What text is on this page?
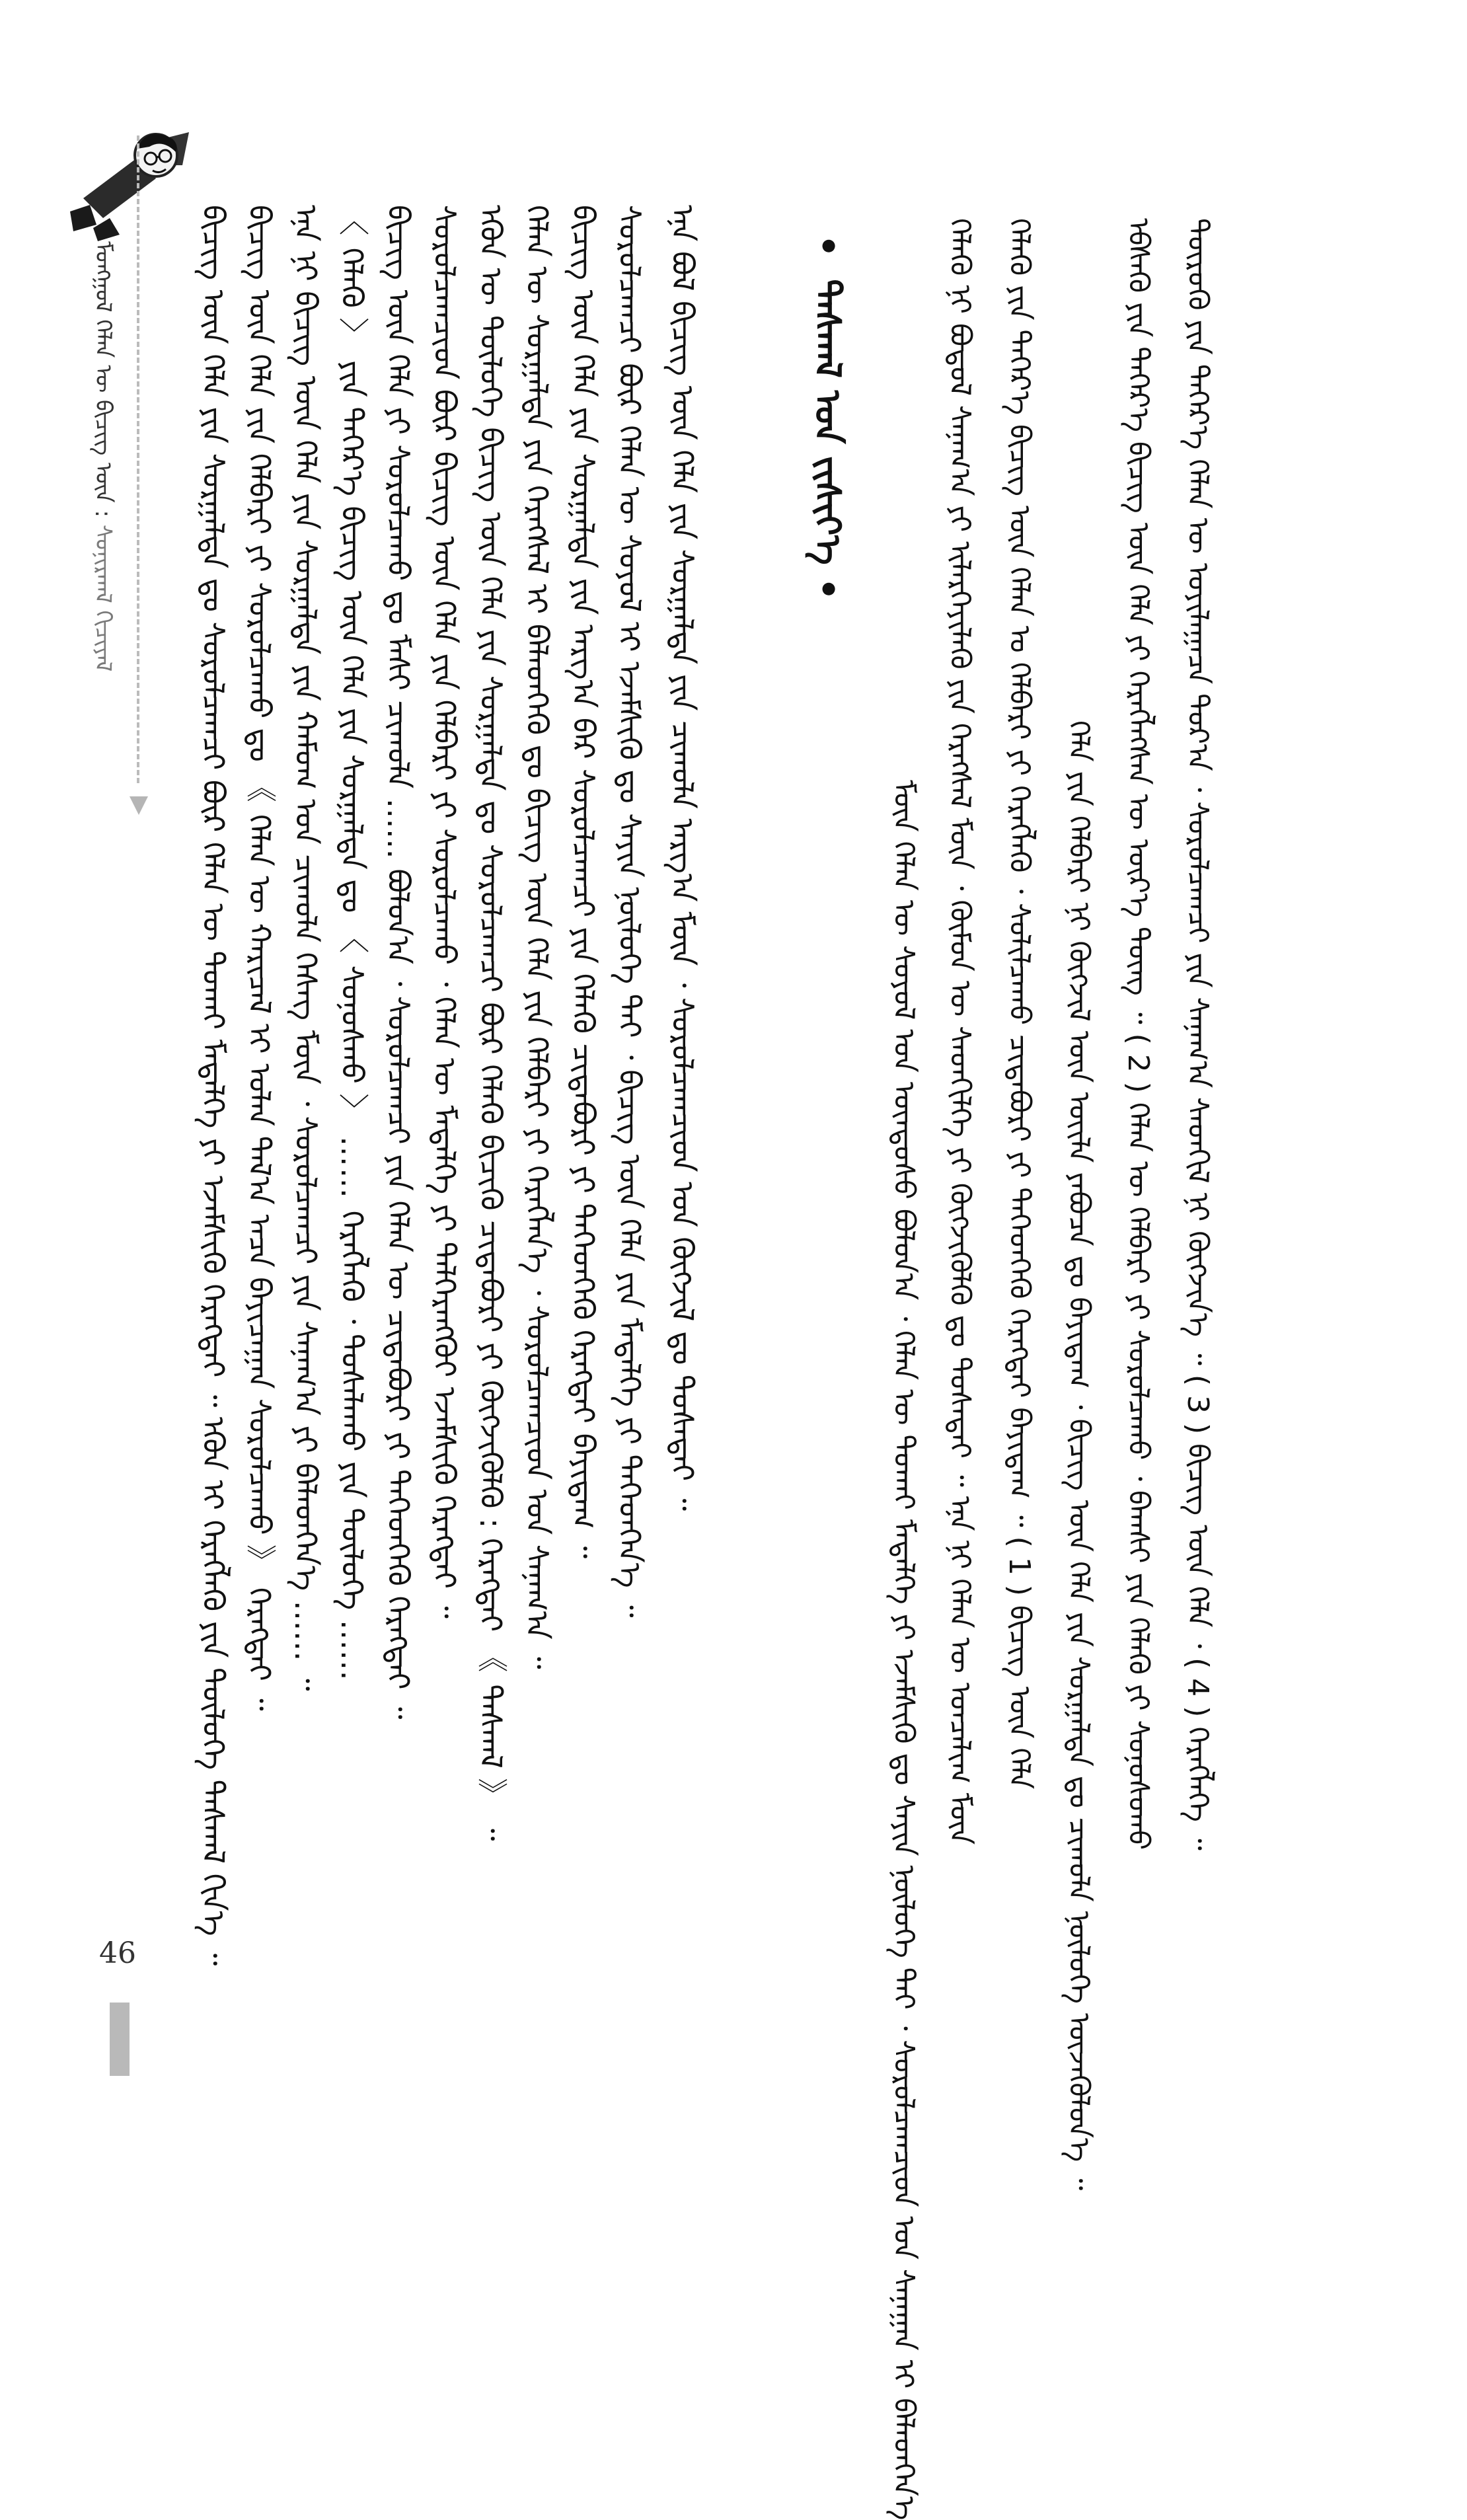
ᠮᠣᠩᠭᠣᠯ ᠬᠡᠯᠡᠨ ᠦ ᠪᠢᠴᠢᠭ ᠦᠨ : ᠰᠣᠨᠢᠷᠬᠠᠯ ᠬᠢᠴᠢᠶᠡᠯ	ᠪᠢᠴᠢᠭ ᠦᠨ ᠬᠡᠯᠡ ᠶᠢᠨ ᠰᠤᠷᠭᠠᠯᠲᠠ ᠳᠤ ᠰᠤᠷᠤᠯᠴᠠᠭᠴᠢ ᠪᠦᠷ ᠬᠡᠯᠡᠨ ᠦ ᠲᠤᠬᠠᠢ ᠮᠡᠳᠡᠯᠭᠡ ᠶᠢ ᠡᠵᠡᠮᠰᠢᠬᠦ ᠬᠡᠷᠡᠭᠲᠡᠢ ᠃ ᠡᠭᠦᠨ ᠢ ᠬᠡᠷᠡᠭᠯᠡᠬᠦ ᠶᠢᠨ ᠲᠥᠯᠥᠭᠡ ᠳᠠᠰᠬᠠᠯ ᠬᠢᠨ᠎ᠡ ᠃ ᠪᠢᠴᠢᠭ ᠦᠨ ᠬᠡᠯᠡ ᠶᠢᠨ ᠬᠡᠯᠪᠡᠷᠢ ᠶᠢ ᠰᠤᠷᠤᠯᠴᠠᠬᠤ ᠳᠤ 《 ᠬᠡᠯᠡᠨ ᠦ ᠬᠠᠷᠢᠴᠠᠯ ᠢ ᠣᠯᠠᠨ ᠲᠠᠯ᠎ᠠ ᠠᠴᠠ ᠪᠠᠶᠢᠴᠠᠭᠠᠨ ᠰᠤᠷᠤᠯᠴᠠᠬᠤ 》 ᠬᠡᠷᠡᠭᠲᠡᠢ ᠃ ᠡᠨᠡ ᠨᠢ ᠪᠢᠴᠢᠭ ᠦᠨ ᠬᠡᠯᠡ ᠶᠢᠨ ᠰᠤᠷᠭᠠᠯᠲᠠ ᠶᠢᠨ ᠬᠠᠮᠤᠭ ᠤᠨ ᠴᠢᠬᠤᠯᠠ ᠬᠡᠰᠡᠭ ᠮᠥᠨ ᠂ ᠰᠤᠷᠤᠯᠴᠠᠭᠴᠢ ᠶᠢᠨ ᠰᠠᠨᠠᠭ᠎ᠠ ᠶᠢ ᠪᠡᠯᠡᠳᠬᠡᠨ᠎ᠡ …… ᠃ 〈 ᠬᠡᠯᠡᠬᠦ 〉 ᠶᠢᠨ ᠳᠡᠭᠡᠷ᠎ᠡ ᠪᠢᠴᠢᠭ ᠦᠨ ᠬᠡᠯᠡ ᠶᠢᠨ ᠰᠤᠷᠭᠠᠯᠲᠠ ᠳᠤ 〈 ᠰᠣᠨᠣᠰᠬᠤ 〉 …… ᠬᠡᠷᠡᠭᠯᠡᠬᠦ ᠂ ᠲᠤᠰᠠᠯᠠᠬᠤ ᠶᠢᠨ ᠲᠥᠯᠥᠭᠡ …… ᠪᠢᠴᠢᠭ ᠦᠨ ᠬᠡᠯᠡ ᠶᠢ ᠰᠤᠷᠤᠯᠴᠠᠬᠤ ᠳᠤ ᠮᠠᠰᠢ ᠴᠢᠬᠤᠯᠠ …… ᠪᠣᠯᠤᠨ᠎ᠠ ᠂ ᠰᠤᠷᠤᠯᠴᠠᠭᠴᠢ ᠶᠢᠨ ᠬᠡᠯᠡᠨ ᠦ ᠴᠢᠳᠠᠪᠤᠷᠢ ᠶᠢ ᠳᠡᠭᠡᠳᠬᠡᠬᠦ ᠬᠡᠷᠡᠭᠲᠡᠢ ᠃ ᠰᠤᠷᠤᠯᠴᠠᠭᠴᠢᠳ ᠪᠦᠷ ᠪᠢᠴᠢᠭ ᠦᠨ ᠬᠡᠯᠡ ᠶᠢᠨ ᠬᠡᠯᠪᠡᠷᠢ ᠶᠢ ᠰᠤᠷᠤᠯᠴᠠᠬᠤ ᠂ ᠬᠡᠯᠡᠨ ᠦ ᠮᠡᠳᠡᠯᠭᠡ ᠶᠢ ᠳᠡᠯᠭᠡᠷᠡᠩᠭᠦᠢ ᠡᠵᠡᠮᠰᠢᠬᠦ ᠬᠡᠷᠡᠭᠲᠡᠢ ᠃ ᠡᠭᠦᠨ ᠦ ᠲᠥᠯᠥᠭᠡ ᠪᠢᠴᠢᠭ ᠦᠨ ᠬᠡᠯᠡ ᠶᠢᠨ ᠰᠤᠷᠭᠠᠯᠲᠠ ᠳᠤ ᠰᠤᠷᠤᠯᠴᠠᠭᠴᠢ ᠪᠦᠷ ᠬᠡᠯᠡᠬᠦ ᠪᠢᠴᠢᠬᠦ ᠴᠢᠳᠠᠪᠤᠷᠢ ᠶᠢ ᠬᠥᠭᠵᠢᠭᠦᠯᠬᠦ : ᠬᠡᠷᠡᠭᠲᠡᠢ 《 ᠳᠠᠰᠬᠠᠯ 》 ᠃ ᠬᠡᠯᠡᠨ ᠦ ᠰᠤᠷᠭᠠᠯᠲᠠ ᠶᠢᠨ ᠬᠡᠷᠡᠭᠰᠡᠯ ᠢ ᠪᠡᠯᠡᠳᠬᠡᠬᠦ ᠳᠤ ᠪᠢᠴᠢᠭ ᠦᠨ ᠬᠡᠯᠡ ᠶᠢᠨ ᠬᠡᠯᠪᠡᠷᠢ ᠶᠢ ᠬᠡᠷᠡᠭᠯᠡᠨ᠎ᠡ ᠂ ᠰᠤᠷᠤᠯᠴᠠᠭᠴᠢᠳ ᠤᠨ ᠰᠠᠨᠠᠭ᠎ᠠ ᠃ ᠪᠢᠴᠢᠭ ᠦᠨ ᠬᠡᠯᠡ ᠶᠢᠨ ᠰᠤᠷᠭᠠᠯᠲᠠ ᠶᠢᠨ ᠠᠷᠭ᠎ᠠ ᠪᠠᠷ ᠰᠤᠷᠤᠯᠴᠠᠭᠴᠢ ᠶᠢᠨ ᠬᠡᠯᠡᠬᠦ ᠴᠢᠳᠠᠪᠤᠷᠢ ᠶᠢ ᠳᠡᠭᠡᠳᠬᠡᠬᠦ ᠬᠡᠷᠡᠭᠲᠡᠢ ᠪᠠᠶᠢᠳᠠᠭ ᠃ ᠰᠤᠷᠤᠯᠴᠠᠭᠴᠢ ᠪᠦᠷ ᠬᠡᠯᠡᠨ ᠦ ᠰᠣᠶᠣᠯ ᠢ ᠡᠵᠡᠮᠰᠢᠬᠦ ᠳᠤ ᠰᠠᠶᠢᠨ ᠨᠥᠯᠥᠭᠡ ᠲᠠᠢ ᠂ ᠪᠢᠴᠢᠭ ᠦᠨ ᠬᠡᠯᠡ ᠶᠢᠨ ᠮᠡᠳᠡᠯᠭᠡ ᠶᠢ ᠳᠡᠭᠡᠳᠬᠡᠨ᠎ᠡ ᠃ ᠡᠨᠡ ᠪᠣᠯ ᠪᠢᠴᠢᠭ ᠦᠨ ᠬᠡᠯᠡ ᠶᠢᠨ ᠰᠤᠷᠭᠠᠯᠲᠠ ᠶᠢᠨ ᠴᠢᠬᠤᠯᠠ ᠠᠷᠭ᠎ᠠ ᠮᠥᠨ ᠂ ᠰᠤᠷᠤᠯᠴᠠᠭᠴᠢᠳ ᠤᠨ ᠬᠥᠭᠵᠢᠯ ᠳᠤ ᠲᠤᠰᠠᠲᠠᠢ ᠃	• ᠳᠠᠰᠬᠠᠯ ᠤᠨ ᠵᠢᠱᠢᠶ᠎ᠡ •
ᠮᠥᠨ ᠬᠡᠯᠡᠨ ᠦ ᠰᠣᠶᠣᠯ ᠤᠨ ᠦᠨᠳᠦᠰᠦ ᠪᠣᠯᠤᠨ᠎ᠠ ᠂ ᠬᠡᠯᠡᠨ ᠦ ᠲᠤᠬᠠᠢ ᠮᠡᠳᠡᠯᠭᠡ ᠶᠢ ᠡᠵᠡᠮᠰᠢᠬᠦ ᠳᠤ ᠰᠠᠶᠢᠨ ᠨᠥᠯᠥᠭᠡ ᠲᠠᠢ ᠂ ᠰᠤᠷᠤᠯᠴᠠᠭᠴᠢᠳ ᠤᠨ ᠰᠠᠨᠠᠭᠠᠨ ᠢ ᠪᠡᠯᠡᠳᠬᠡᠨ᠎ᠡ ᠬᠡᠯᠡᠬᠦ ᠨᠢ ᠪᠣᠳᠣᠯ ᠰᠠᠨᠠᠭ᠎ᠠ ᠶᠢ ᠢᠯᠡᠷᠬᠡᠶᠢᠯᠡᠬᠦ ᠶᠢᠨ ᠬᠡᠷᠡᠭᠰᠡᠯ ᠮᠥᠨ ᠂ ᠬᠦᠮᠦᠨ ᠦ ᠰᠡᠳᠬᠢᠯᠭᠡ ᠶᠢ ᠬᠥᠭᠵᠢᠭᠦᠯᠬᠦ ᠳᠤ ᠲᠤᠰᠠᠲᠠᠶ ᠃ ᠡᠨᠡ ᠨᠢ ᠬᠡᠯᠡᠨ ᠦ ᠣᠨᠴᠠᠯᠢᠭ ᠮᠥᠨ ᠬᠡᠯᠡᠬᠦ ᠶᠢᠨ ᠳᠡᠭᠡᠷ᠎ᠡ ᠪᠢᠴᠢᠭ ᠦᠨ ᠬᠡᠯᠡᠨ ᠤ ᠬᠡᠯᠪᠡᠷᠢ ᠶᠢ ᠬᠡᠷᠡᠭᠯᠡᠬᠦ ᠂ ᠰᠣᠯᠢᠯᠴᠠᠬᠤ ᠴᠢᠳᠠᠪᠤᠷᠢ ᠶᠢ ᠳᠡᠭᠡᠳᠬᠡᠬᠦ ᠬᠡᠷᠡᠭᠲᠡᠢ ᠪᠠᠶᠢᠳᠠᠭ ᠃ ( 1 ) ᠪᠢᠴᠢᠭ ᠦᠨ ᠬᠡᠯᠡ ᠬᠡᠯᠡ ᠶᠢᠨ ᠬᠡᠯᠪᠡᠷᠢ ᠨᠢ ᠬᠥᠭᠵᠢᠯ ᠦᠨ ᠦᠢᠯᠡ ᠶᠠᠪᠤᠴᠠ ᠳᠤ ᠪᠠᠶᠢᠳᠠᠭ ᠂ ᠪᠢᠴᠢᠭ ᠦᠨ ᠬᠡᠯᠡ ᠶᠢᠨ ᠰᠤᠷᠭᠠᠯᠲᠠ ᠳᠤ ᠴᠢᠬᠤᠯᠠ ᠨᠥᠯᠥᠭᠡ ᠦᠵᠡᠭᠦᠯᠦᠨ᠎ᠡ ᠃ ᠡᠪᠰᠡᠬᠦ ᠶᠢᠨ ᠳᠡᠭᠡᠷ᠎ᠡ ᠪᠢᠴᠢᠭ ᠦᠨ ᠬᠡᠯᠡ ᠶᠢ ᠬᠡᠷᠡᠭᠯᠡᠭᠰᠡᠨ ᠦ ᠦᠷ᠎ᠡ ᠳᠦᠩ ᠃ ( 2 ) ᠬᠡᠯᠡᠨ ᠦ ᠬᠡᠯᠪᠡᠷᠢ ᠶᠢ ᠰᠤᠷᠤᠯᠴᠠᠬᠤ ᠂ ᠪᠠᠭᠰᠢ ᠶᠢᠨ ᠬᠡᠯᠡᠬᠦ ᠶᠢ ᠰᠣᠨᠣᠰᠤᠬᠤ ᠲᠦᠷᠦᠬᠦ ᠶᠢᠨ ᠳᠡᠭᠡᠷ᠎ᠡ ᠬᠡᠯᠡᠨ ᠦ ᠣᠶᠢᠯᠠᠭᠠᠴᠠ ᠳᠣᠷ᠎ᠠ ᠂ ᠰᠤᠷᠤᠯᠴᠠᠭᠴᠢ ᠶᠢᠨ ᠰᠠᠨᠠᠭ᠎ᠠ ᠰᠡᠳᠬᠢᠯ ᠨᠢ ᠬᠥᠭᠵᠢᠨ᠎ᠡ ᠃ ( 3 ) ᠪᠢᠴᠢᠭ ᠦᠨ ᠬᠡᠯᠡ ᠂ ( 4 ) ᠬᠡᠷᠡᠭᠯᠡᠭᠡ ᠃
46
